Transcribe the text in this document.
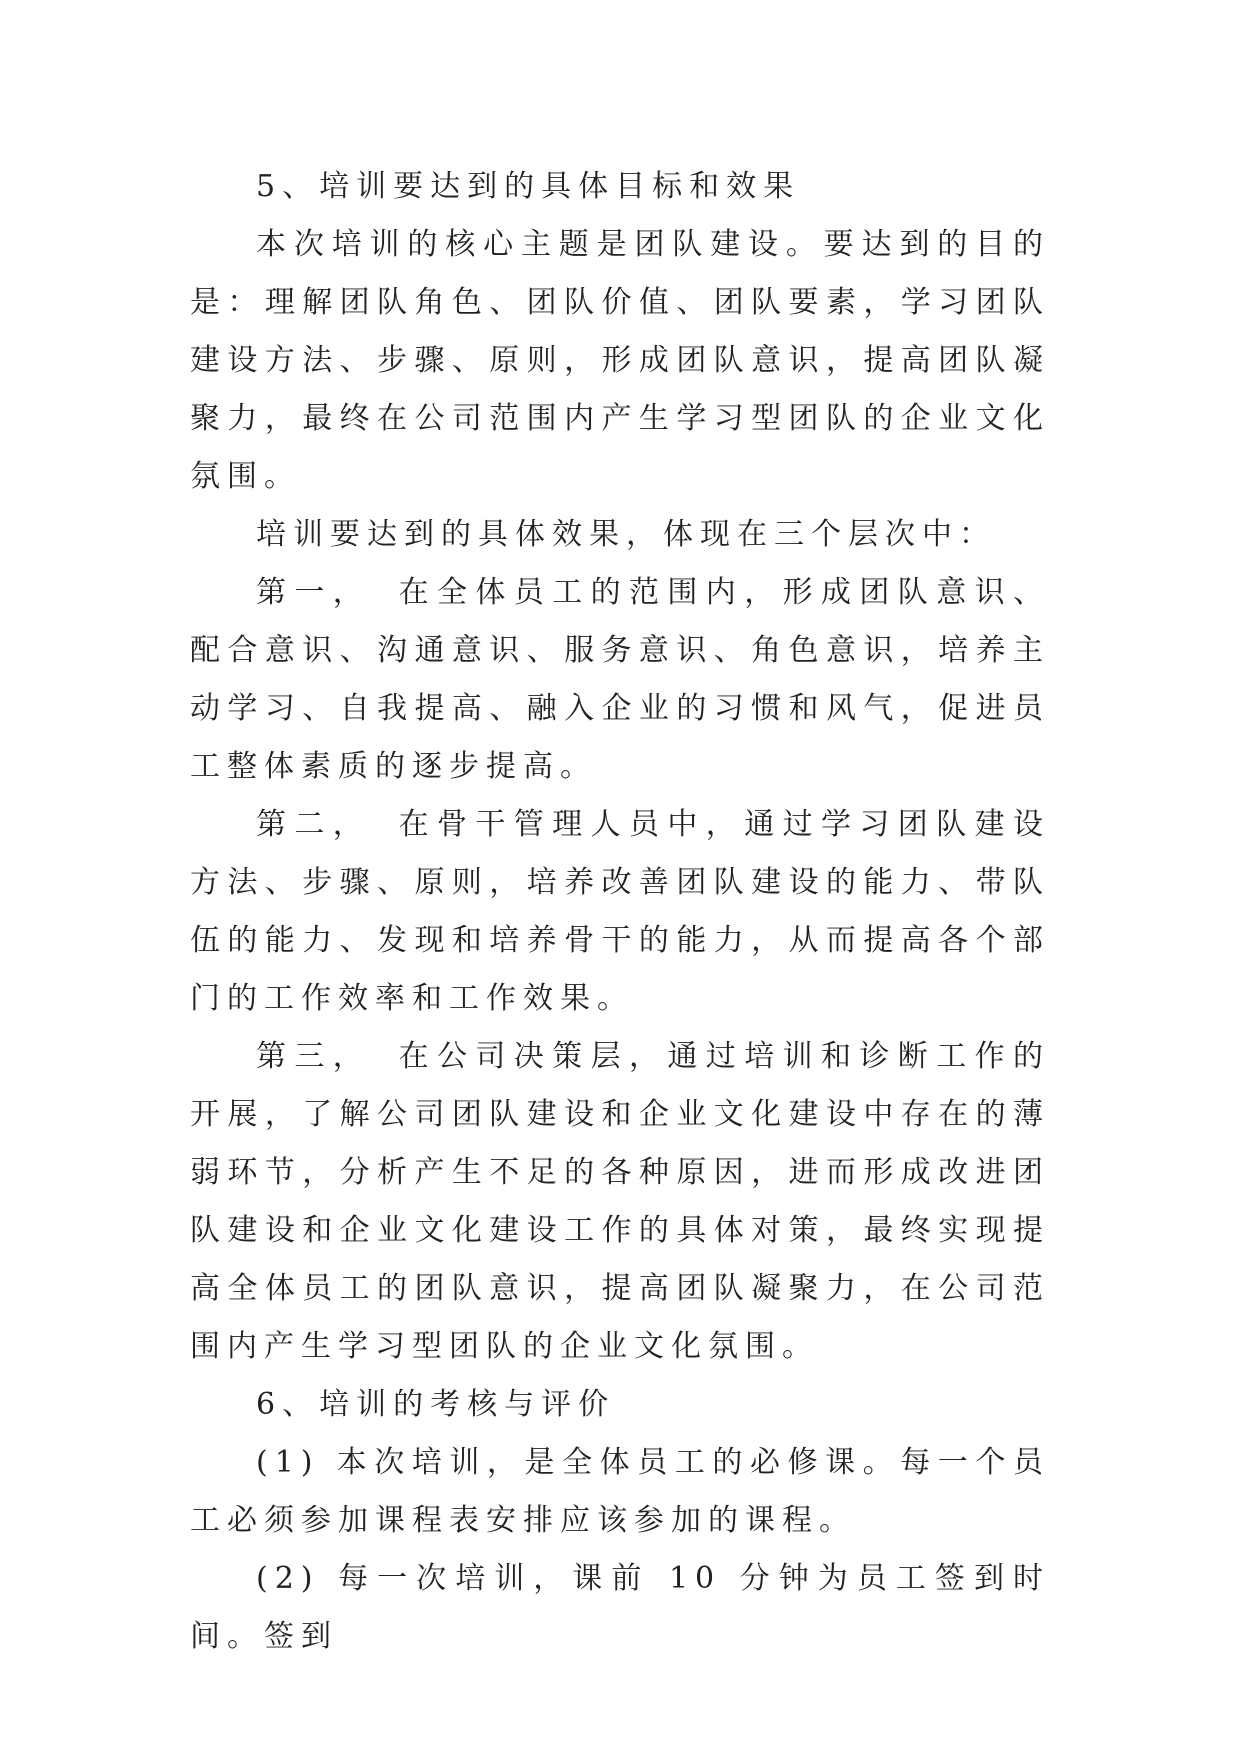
5、培训要达到的具体目标和效果

本次培训的核心主题是团队建设。要达到的目的是：理解团队角色、团队价值、团队要素，学习团队建设方法、步骤、原则，形成团队意识，提高团队凝聚力，最终在公司范围内产生学习型团队的企业文化氛围。

培训要达到的具体效果，体现在三个层次中：

第一， 在全体员工的范围内，形成团队意识、配合意识、沟通意识、服务意识、角色意识，培养主动学习、自我提高、融入企业的习惯和风气，促进员工整体素质的逐步提高。

第二， 在骨干管理人员中，通过学习团队建设方法、步骤、原则，培养改善团队建设的能力、带队伍的能力、发现和培养骨干的能力，从而提高各个部门的工作效率和工作效果。

第三， 在公司决策层，通过培训和诊断工作的开展，了解公司团队建设和企业文化建设中存在的薄弱环节，分析产生不足的各种原因，进而形成改进团队建设和企业文化建设工作的具体对策，最终实现提高全体员工的团队意识，提高团队凝聚力，在公司范围内产生学习型团队的企业文化氛围。

6、培训的考核与评价

(1) 本次培训，是全体员工的必修课。每一个员工必须参加课程表安排应该参加的课程。

(2) 每一次培训，课前 10 分钟为员工签到时间。签到
